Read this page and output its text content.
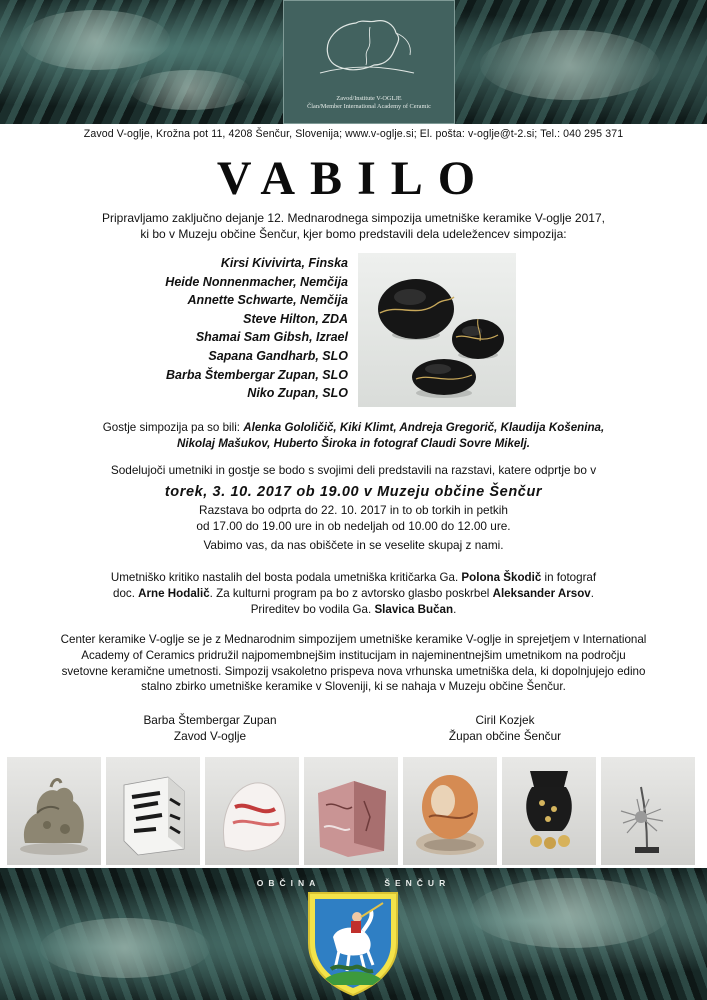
Zavod/Institute V-OGLJE
Član/Member International Academy of Ceramic
Zavod V-oglje, Krožna pot 11, 4208 Šenčur, Slovenija; www.v-oglje.si; El. pošta: v-oglje@t-2.si; Tel.: 040 295 371
VABILO
Pripravljamo zaključno dejanje 12. Mednarodnega simpozija umetniške keramike V-oglje 2017,
ki bo v Muzeju občine Šenčur, kjer bomo predstavili dela udeležencev simpozija:
Kirsi Kivivirta, Finska
Heide Nonnenmacher, Nemčija
Annette Schwarte, Nemčija
Steve Hilton, ZDA
Shamai Sam Gibsh, Izrael
Sapana Gandharb, SLO
Barba Štembergar Zupan, SLO
Niko Zupan, SLO
Gostje simpozija pa so bili: Alenka Gololičič, Kiki Klimt, Andreja Gregorič, Klaudija Košenina,
Nikolaj Mašukov, Huberto Široka in fotograf Claudi Sovre Mikelj.
Sodelujoči umetniki in gostje se bodo s svojimi deli predstavili na razstavi, katere odprtje bo v
torek, 3. 10. 2017 ob 19.00 v Muzeju občine Šenčur
Razstava bo odprta do 22. 10. 2017 in to ob torkih in petkih
od 17.00 do 19.00 ure in ob nedeljah od 10.00 do 12.00 ure.
Vabimo vas, da nas obiščete in se veselite skupaj z nami.
Umetniško kritiko nastalih del bosta podala umetniška kritičarka Ga. Polona Škodič in fotograf
doc. Arne Hodalič. Za kulturni program pa bo z avtorsko glasbo poskrbel Aleksander Arsov.
Prireditev bo vodila Ga. Slavica Bučan.
Center keramike V-oglje se je z Mednarodnim simpozijem umetniške keramike V-oglje in sprejetjem v International
Academy of Ceramics pridružil najpomembnejšim institucijam in najeminentnejšim umetnikom na področju
svetovne keramične umetnosti. Simpozij vsakoletno prispeva nova vrhunska umetniška dela, ki dopolnjujejo edino
stalno zbirko umetniške keramike v Sloveniji, ki se nahaja v Muzeju občine Šenčur.
Barba Štembergar Zupan
Zavod V-oglje
Ciril Kozjek
Župan občine Šenčur
OBČINA	ŠENČUR
